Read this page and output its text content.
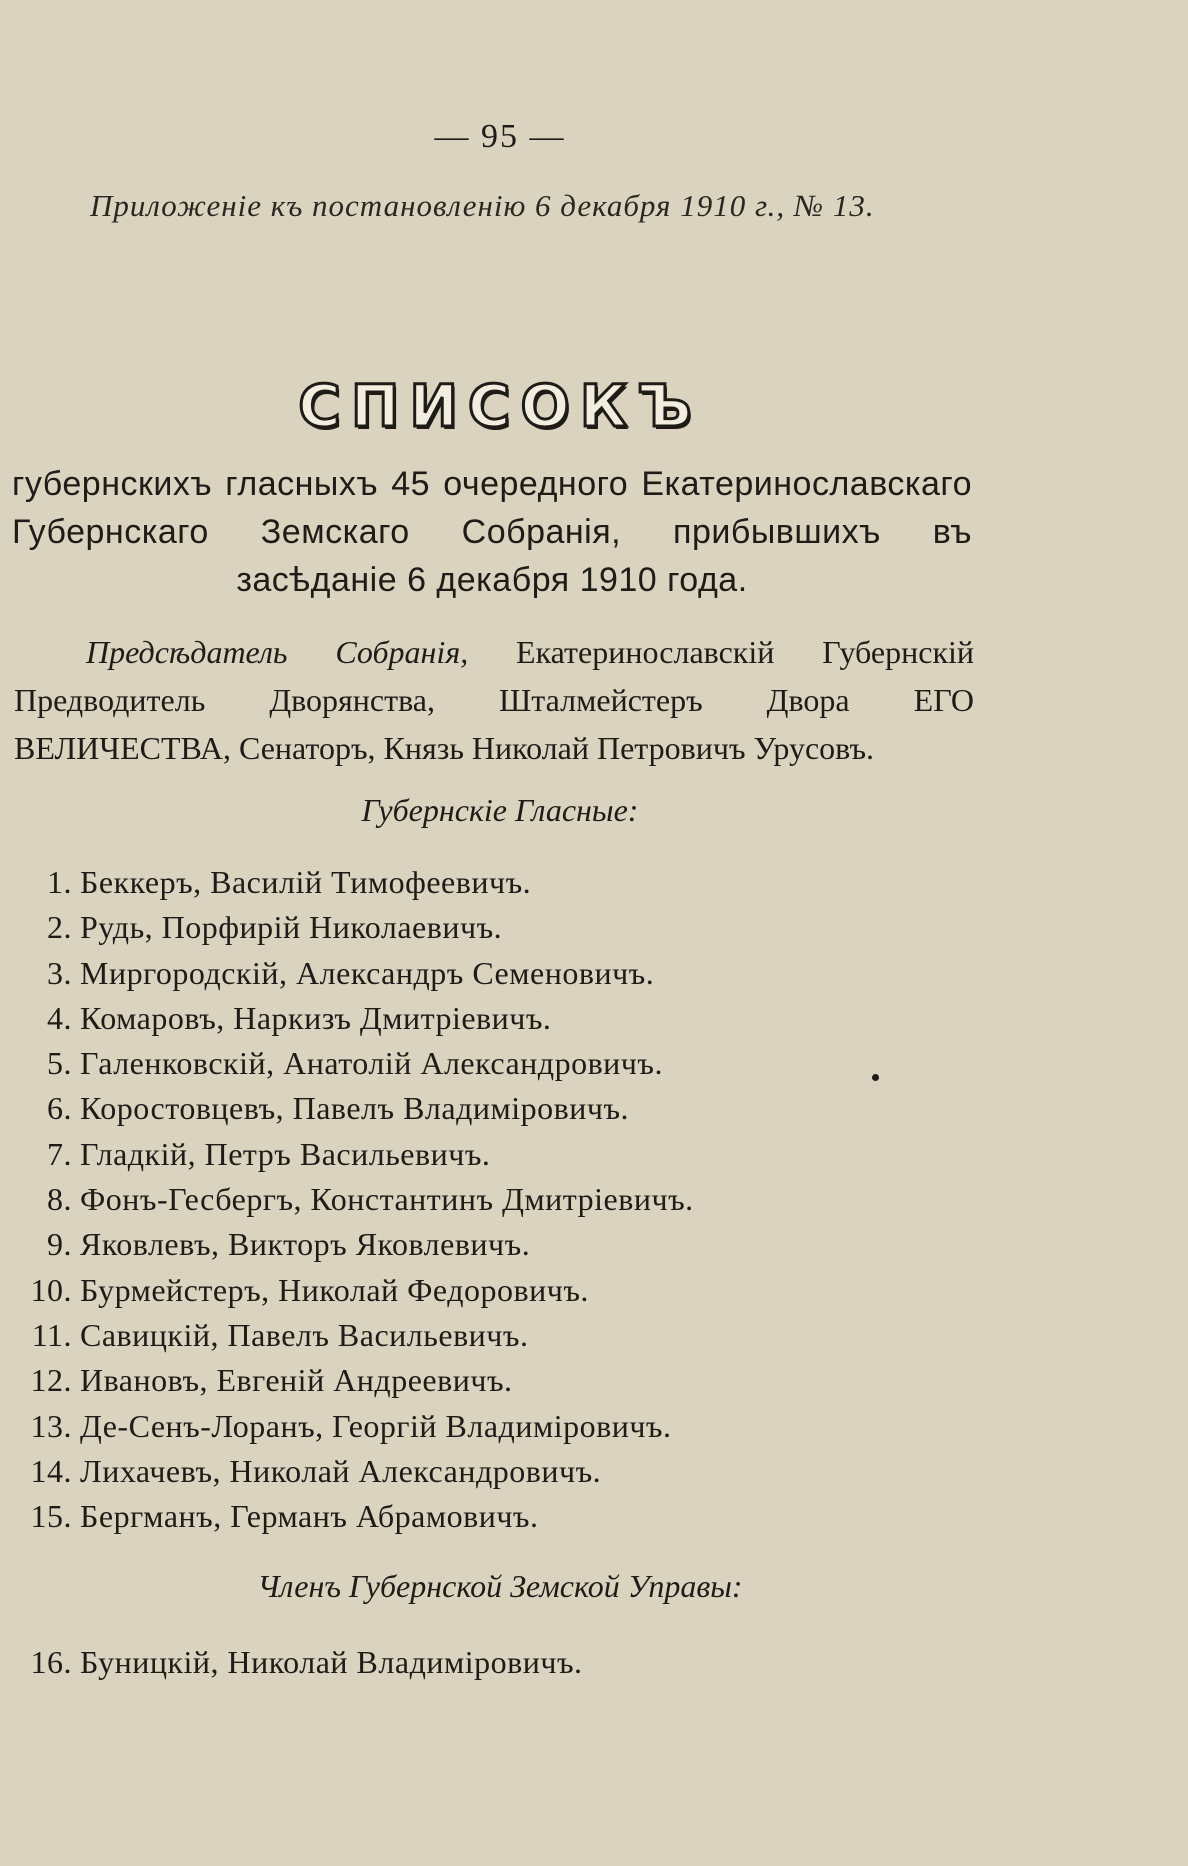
— 95 —
Приложеніе къ постановленію 6 декабря 1910 г., № 13.
СПИСОКЪ
губернскихъ гласныхъ 45 очередного Екатеринославскаго Губернскаго Земскаго Собранія, прибывшихъ въ засѣданіе 6 декабря 1910 года.
Предсѣдатель Собранія, Екатеринославскій Губернскій Предводитель Дворянства, Шталмейстеръ Двора ЕГО ВЕЛИЧЕСТВА, Сенаторъ, Князь Николай Петровичъ Урусовъ.
Губернскіе Гласные:
1. Беккеръ, Василій Тимофеевичъ.
2. Рудь, Порфирій Николаевичъ.
3. Миргородскій, Александръ Семеновичъ.
4. Комаровъ, Наркизъ Дмитріевичъ.
5. Галенковскій, Анатолій Александровичъ.
6. Коростовцевъ, Павелъ Владиміровичъ.
7. Гладкій, Петръ Васильевичъ.
8. Фонъ-Гесбергъ, Константинъ Дмитріевичъ.
9. Яковлевъ, Викторъ Яковлевичъ.
10. Бурмейстеръ, Николай Федоровичъ.
11. Савицкій, Павелъ Васильевичъ.
12. Ивановъ, Евгеній Андреевичъ.
13. Де-Сенъ-Лоранъ, Георгій Владиміровичъ.
14. Лихачевъ, Николай Александровичъ.
15. Бергманъ, Германъ Абрамовичъ.
Членъ Губернской Земской Управы:
16. Буницкій, Николай Владиміровичъ.
